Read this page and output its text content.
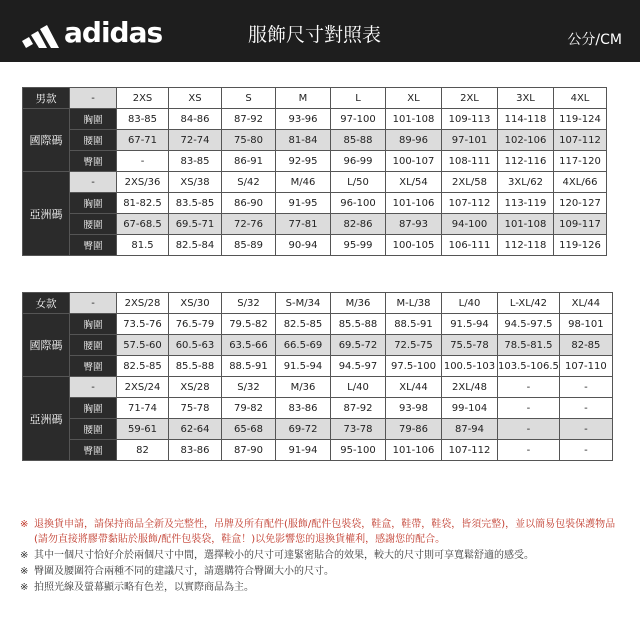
adidas	服飾尺寸對照表	公分/CM
男款	-	2XS	XS	S	M	L	XL	2XL	3XL	4XL
國際碼	胸圍	83-85	84-86	87-92	93-96	97-100	101-108	109-113	114-118	119-124
	腰圍	67-71	72-74	75-80	81-84	85-88	89-96	97-101	102-106	107-112
	臀圍	-	83-85	86-91	92-95	96-99	100-107	108-111	112-116	117-120
亞洲碼	-	2XS/36	XS/38	S/42	M/46	L/50	XL/54	2XL/58	3XL/62	4XL/66
	胸圍	81-82.5	83.5-85	86-90	91-95	96-100	101-106	107-112	113-119	120-127
	腰圍	67-68.5	69.5-71	72-76	77-81	82-86	87-93	94-100	101-108	109-117
	臀圍	81.5	82.5-84	85-89	90-94	95-99	100-105	106-111	112-118	119-126
女款	-	2XS/28	XS/30	S/32	S-M/34	M/36	M-L/38	L/40	L-XL/42	XL/44
國際碼	胸圍	73.5-76	76.5-79	79.5-82	82.5-85	85.5-88	88.5-91	91.5-94	94.5-97.5	98-101
	腰圍	57.5-60	60.5-63	63.5-66	66.5-69	69.5-72	72.5-75	75.5-78	78.5-81.5	82-85
	臀圍	82.5-85	85.5-88	88.5-91	91.5-94	94.5-97	97.5-100	100.5-103	103.5-106.5	107-110
亞洲碼	-	2XS/24	XS/28	S/32	M/36	L/40	XL/44	2XL/48	-	-
	胸圍	71-74	75-78	79-82	83-86	87-92	93-98	99-104	-	-
	腰圍	59-61	62-64	65-68	69-72	73-78	79-86	87-94	-	-
	臀圍	82	83-86	87-90	91-94	95-100	101-106	107-112	-	-
※ 退換貨申請，請保持商品全新及完整性，吊牌及所有配件(服飾/配件包裝袋，鞋盒，鞋帶，鞋袋，皆須完整)，並以簡易包裝保護物品(請勿直接將膠帶黏貼於服飾/配件包裝袋，鞋盒！)以免影響您的退換貨權利，感謝您的配合。
※ 其中一個尺寸恰好介於兩個尺寸中間，選擇較小的尺寸可達緊密貼合的效果，較大的尺寸則可享寬鬆舒適的感受。
※ 臀圍及腰圍符合兩種不同的建議尺寸，請選購符合臀圍大小的尺寸。
※ 拍照光線及螢幕顯示略有色差，以實際商品為主。
